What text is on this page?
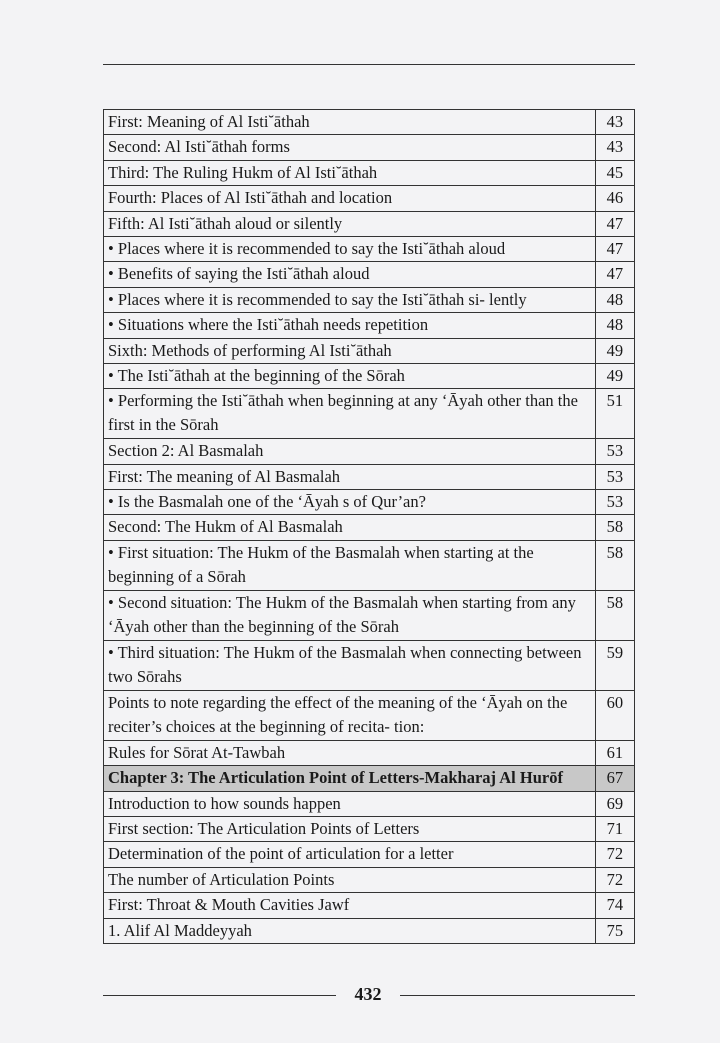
First: Meaning of Al Isti˘āthah	43
Second: Al Isti˘āthah forms	43
Third: The Ruling Hukm of Al Isti˘āthah	45
Fourth: Places of Al Isti˘āthah and location	46
Fifth: Al Isti˘āthah aloud or silently	47
• Places where it is recommended to say the Isti˘āthah aloud	47
• Benefits of saying the Isti˘āthah aloud	47
• Places where it is recommended to say the Isti˘āthah si- lently	48
• Situations where the Isti˘āthah needs repetition	48
Sixth: Methods of performing Al Isti˘āthah	49
• The Isti˘āthah at the beginning of the Sōrah	49
• Performing the Isti˘āthah when beginning at any ‘Āyah other than the first in the Sōrah	51
Section 2: Al Basmalah	53
First: The meaning of Al Basmalah	53
• Is the Basmalah one of the ‘Āyah s of Qur’an?	53
Second: The Hukm of Al Basmalah	58
• First situation: The Hukm of the Basmalah when starting at the beginning of a Sōrah	58
• Second situation: The Hukm of the Basmalah when starting from any ‘Āyah other than the beginning of the Sōrah	58
• Third situation: The Hukm of the Basmalah when connecting between two Sōrahs	59
Points to note regarding the effect of the meaning of the ‘Āyah on the reciter’s choices at the beginning of recita- tion:	60
Rules for Sōrat At-Tawbah	61
Chapter 3: The Articulation Point of Letters-Makharaj Al Hurōf	67
Introduction to how sounds happen	69
First section: The Articulation Points of Letters	71
Determination of the point of articulation for a letter	72
The number of Articulation Points	72
First: Throat & Mouth Cavities Jawf	74
1. Alif Al Maddeyyah	75
432
